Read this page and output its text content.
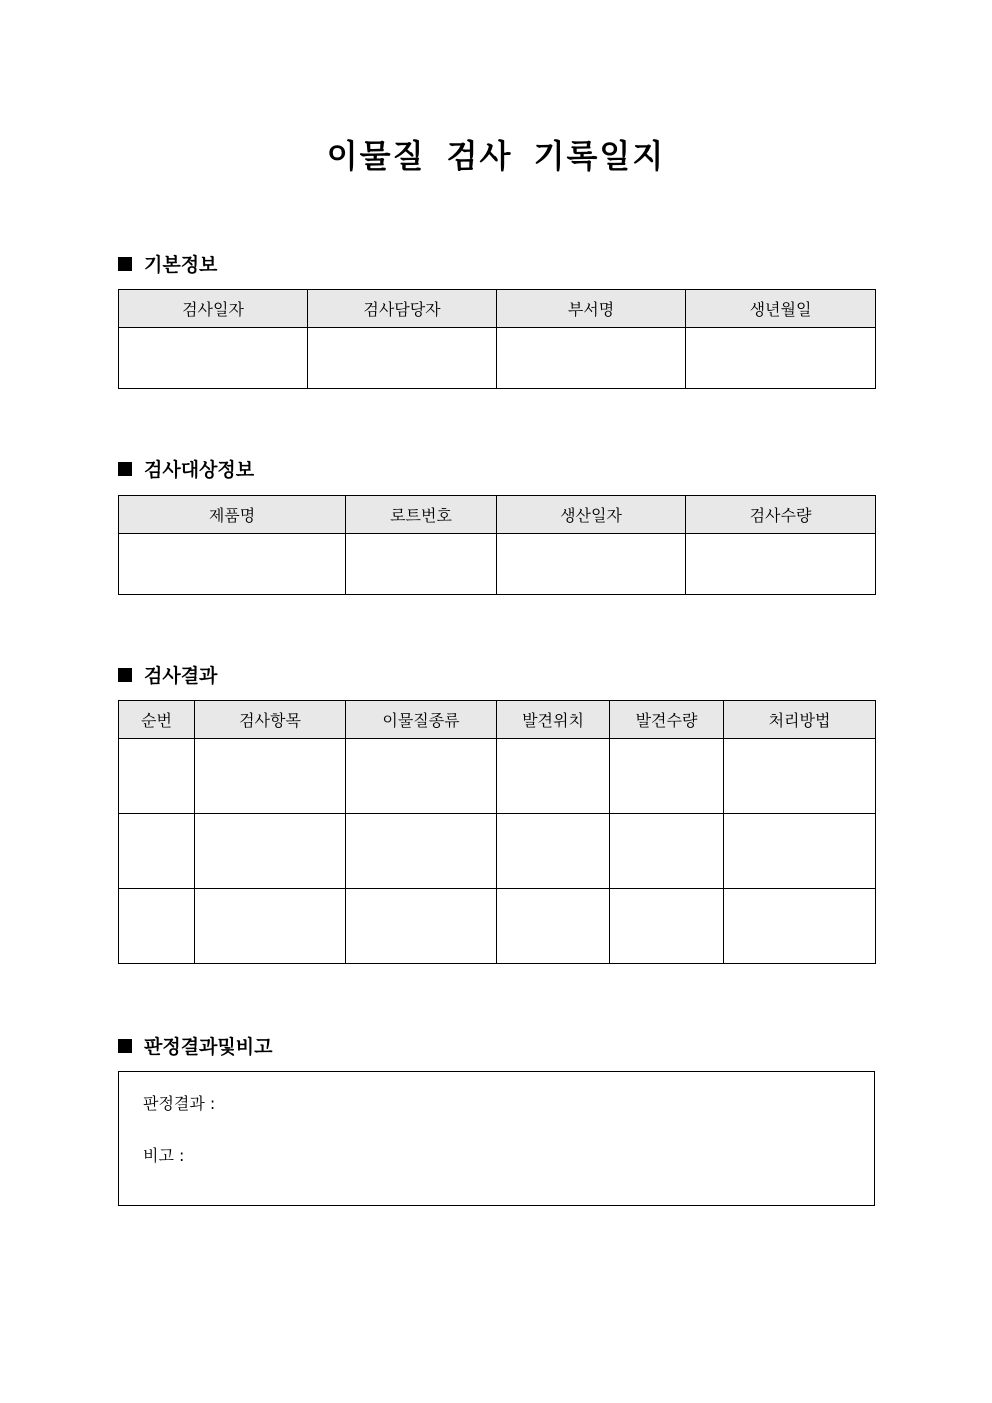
이물질 검사 기록일지
기본정보
검사일자	검사담당자	부서명	생년월일

검사대상정보
제품명	로트번호	생산일자	검사수량

검사결과
순번	검사항목	이물질종류	발견위치	발견수량	처리방법

판정결과및비고
판정결과 :
비고 :
